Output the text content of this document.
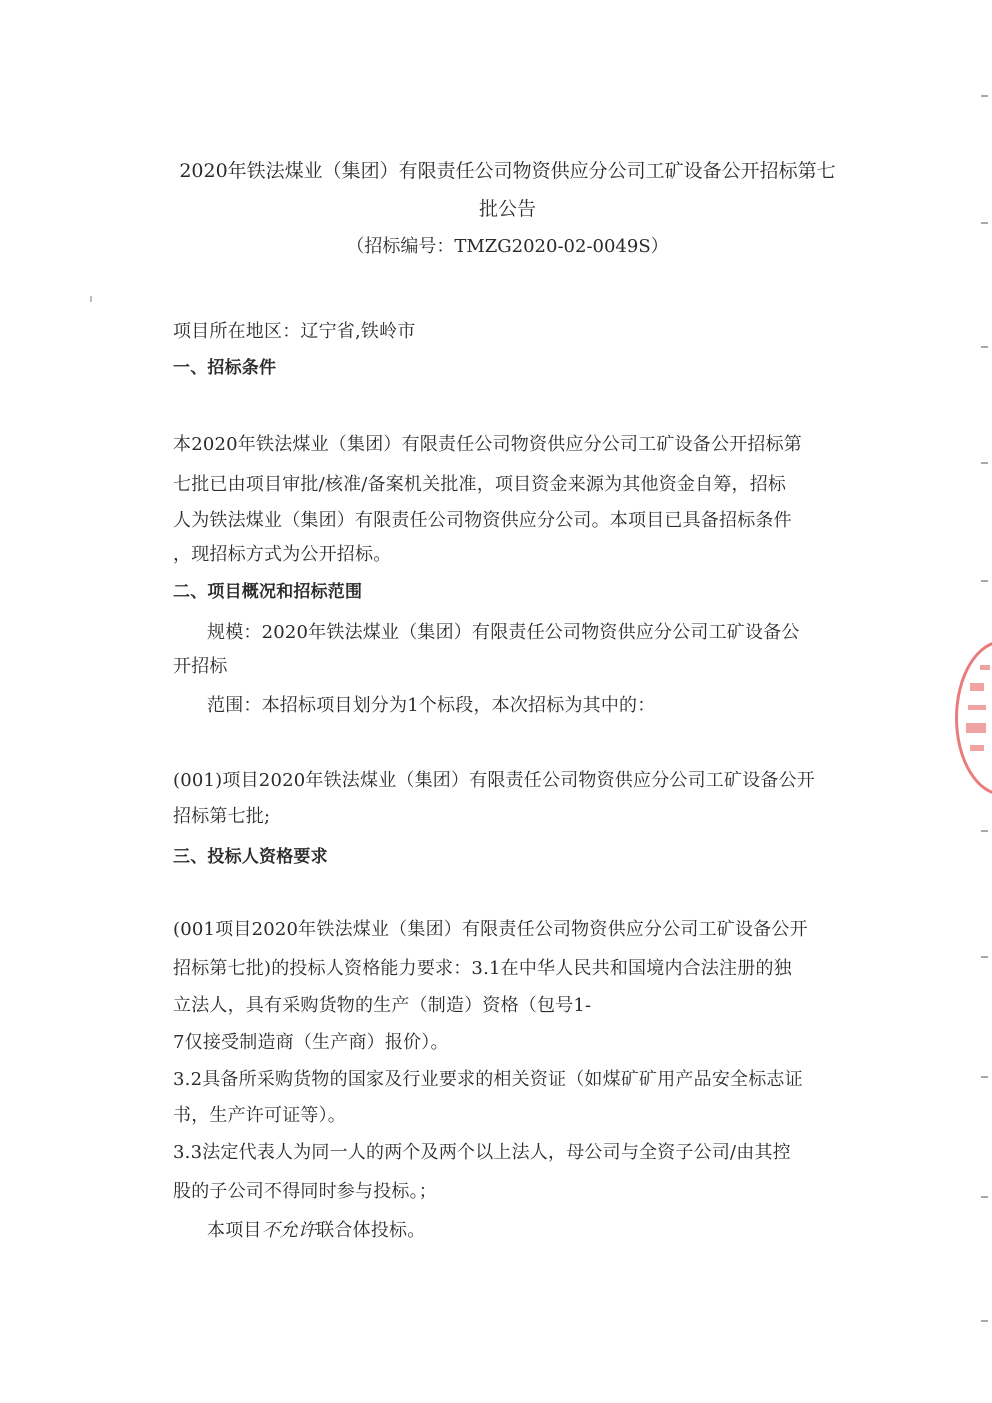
2020年铁法煤业（集团）有限责任公司物资供应分公司工矿设备公开招标第七
批公告
（招标编号：TMZG2020-02-0049S）
项目所在地区：辽宁省,铁岭市
一、招标条件
本2020年铁法煤业（集团）有限责任公司物资供应分公司工矿设备公开招标第
七批已由项目审批/核准/备案机关批准，项目资金来源为其他资金自筹，招标
人为铁法煤业（集团）有限责任公司物资供应分公司。本项目已具备招标条件
，现招标方式为公开招标。
二、项目概况和招标范围
规模：2020年铁法煤业（集团）有限责任公司物资供应分公司工矿设备公
开招标
范围：本招标项目划分为1个标段，本次招标为其中的：
(001)项目2020年铁法煤业（集团）有限责任公司物资供应分公司工矿设备公开
招标第七批;
三、投标人资格要求
(001项目2020年铁法煤业（集团）有限责任公司物资供应分公司工矿设备公开
招标第七批)的投标人资格能力要求：3.1在中华人民共和国境内合法注册的独
立法人，具有采购货物的生产（制造）资格（包号1-
7仅接受制造商（生产商）报价）。
3.2具备所采购货物的国家及行业要求的相关资证（如煤矿矿用产品安全标志证
书，生产许可证等）。
3.3法定代表人为同一人的两个及两个以上法人，母公司与全资子公司/由其控
股的子公司不得同时参与投标。；
本项目不允许联合体投标。
